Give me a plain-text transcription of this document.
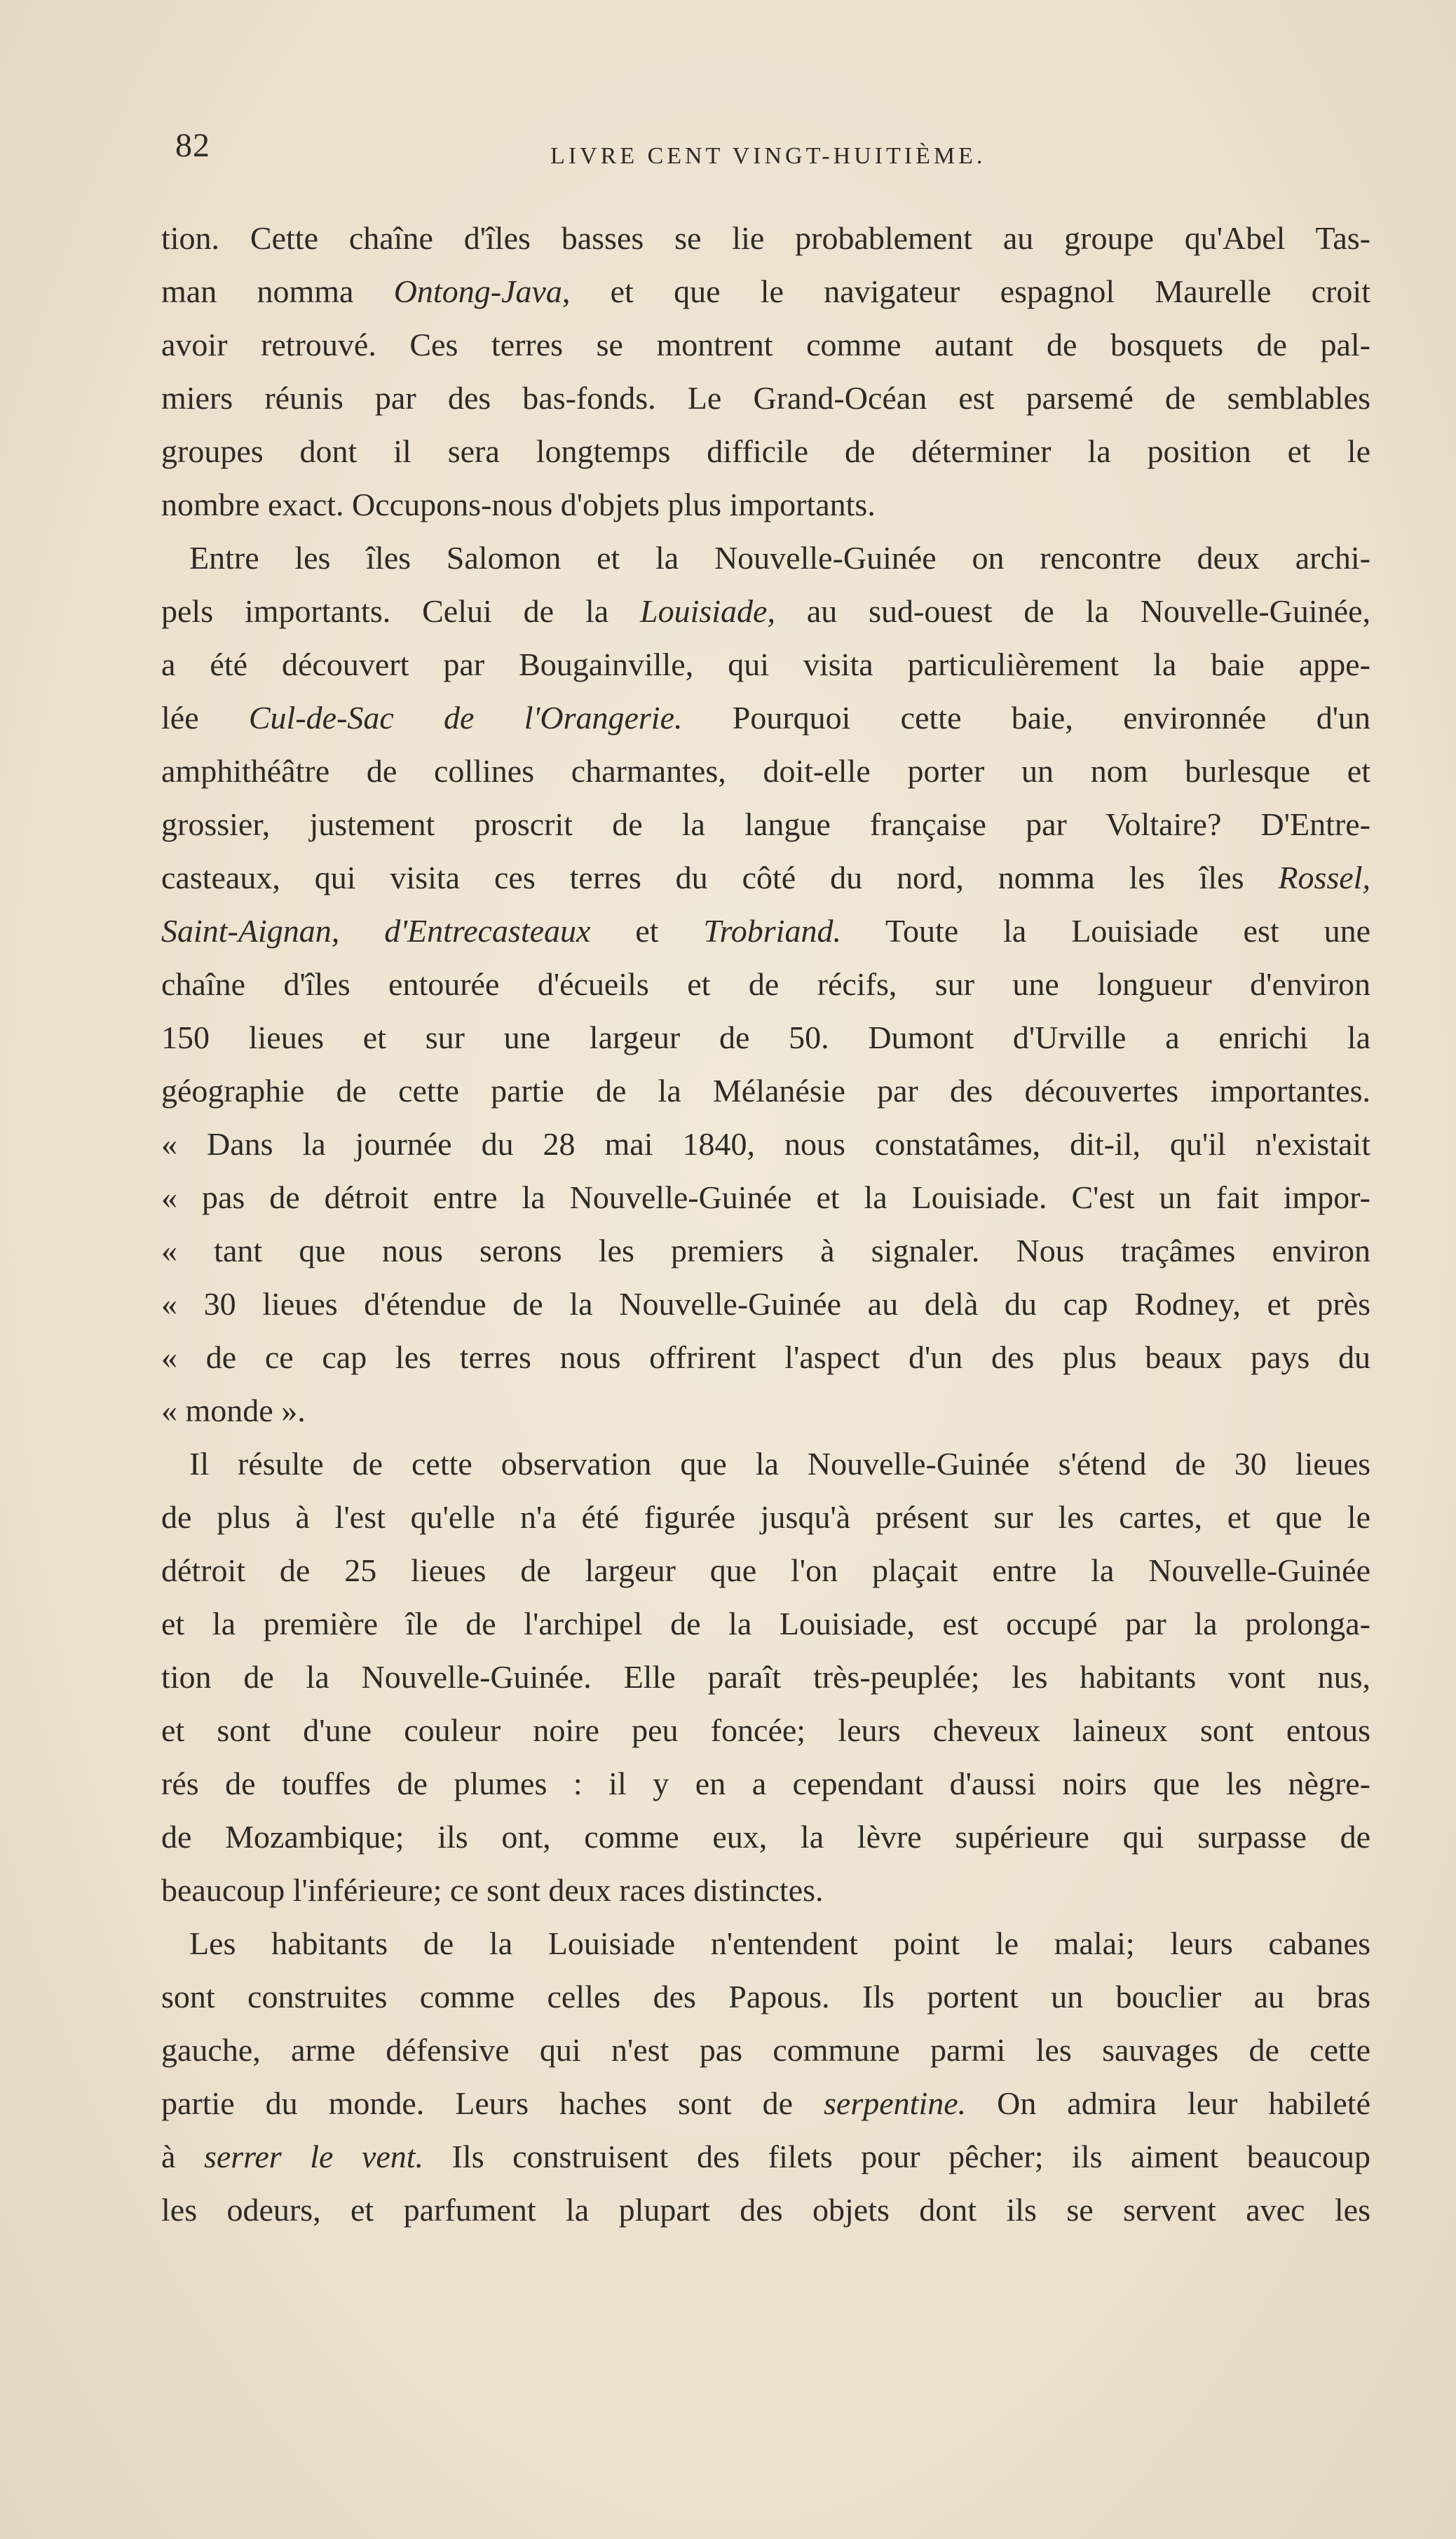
82	LIVRE CENT VINGT-HUITIÈME.

tion. Cette chaîne d'îles basses se lie probablement au groupe qu'Abel Tas-

man nomma Ontong-Java, et que le navigateur espagnol Maurelle croit

avoir retrouvé. Ces terres se montrent comme autant de bosquets de pal-

miers réunis par des bas-fonds. Le Grand-Océan est parsemé de semblables

groupes dont il sera longtemps difficile de déterminer la position et le

nombre exact. Occupons-nous d'objets plus importants.

Entre les îles Salomon et la Nouvelle-Guinée on rencontre deux archi-

pels importants. Celui de la Louisiade, au sud-ouest de la Nouvelle-Guinée,

a été découvert par Bougainville, qui visita particulièrement la baie appe-

lée Cul-de-Sac de l'Orangerie. Pourquoi cette baie, environnée d'un

amphithéâtre de collines charmantes, doit-elle porter un nom burlesque et

grossier, justement proscrit de la langue française par Voltaire? D'Entre-

casteaux, qui visita ces terres du côté du nord, nomma les îles Rossel,

Saint-Aignan, d'Entrecasteaux et Trobriand. Toute la Louisiade est une

chaîne d'îles entourée d'écueils et de récifs, sur une longueur d'environ

150 lieues et sur une largeur de 50. Dumont d'Urville a enrichi la

géographie de cette partie de la Mélanésie par des découvertes importantes.

« Dans la journée du 28 mai 1840, nous constatâmes, dit-il, qu'il n'existait

« pas de détroit entre la Nouvelle-Guinée et la Louisiade. C'est un fait impor-

« tant que nous serons les premiers à signaler. Nous traçâmes environ

« 30 lieues d'étendue de la Nouvelle-Guinée au delà du cap Rodney, et près

« de ce cap les terres nous offrirent l'aspect d'un des plus beaux pays du

« monde ».

Il résulte de cette observation que la Nouvelle-Guinée s'étend de 30 lieues

de plus à l'est qu'elle n'a été figurée jusqu'à présent sur les cartes, et que le

détroit de 25 lieues de largeur que l'on plaçait entre la Nouvelle-Guinée

et la première île de l'archipel de la Louisiade, est occupé par la prolonga-

tion de la Nouvelle-Guinée. Elle paraît très-peuplée; les habitants vont nus,

et sont d'une couleur noire peu foncée; leurs cheveux laineux sont entous

rés de touffes de plumes : il y en a cependant d'aussi noirs que les nègre-

de Mozambique; ils ont, comme eux, la lèvre supérieure qui surpasse de

beaucoup l'inférieure; ce sont deux races distinctes.

Les habitants de la Louisiade n'entendent point le malai; leurs cabanes

sont construites comme celles des Papous. Ils portent un bouclier au bras

gauche, arme défensive qui n'est pas commune parmi les sauvages de cette

partie du monde. Leurs haches sont de serpentine. On admira leur habileté

à serrer le vent. Ils construisent des filets pour pêcher; ils aiment beaucoup

les odeurs, et parfument la plupart des objets dont ils se servent avec les
